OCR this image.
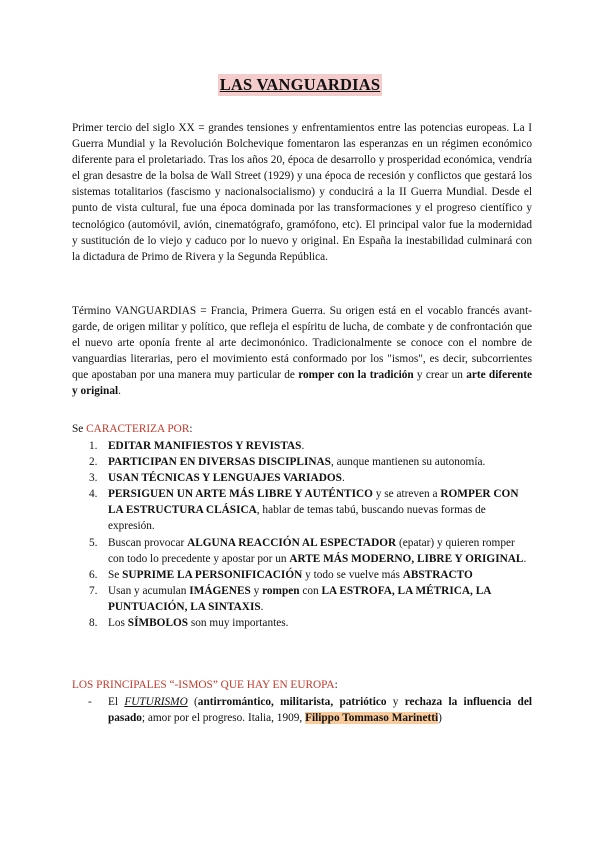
LAS VANGUARDIAS

Primer tercio del siglo XX = grandes tensiones y enfrentamientos entre las potencias europeas. La I Guerra Mundial y la Revolución Bolchevique fomentaron las esperanzas en un régimen económico diferente para el proletariado. Tras los años 20, época de desarrollo y prosperidad económica, vendría el gran desastre de la bolsa de Wall Street (1929) y una época de recesión y conflictos que gestará los sistemas totalitarios (fascismo y nacionalsocialismo) y conducirá a la II Guerra Mundial. Desde el punto de vista cultural, fue una época dominada por las transformaciones y el progreso científico y tecnológico (automóvil, avión, cinematógrafo, gramófono, etc). El principal valor fue la modernidad y sustitución de lo viejo y caduco por lo nuevo y original. En España la inestabilidad culminará con la dictadura de Primo de Rivera y la Segunda República.

Término VANGUARDIAS = Francia, Primera Guerra. Su origen está en el vocablo francés avant-garde, de origen militar y político, que refleja el espíritu de lucha, de combate y de confrontación que el nuevo arte oponía frente al arte decimonónico. Tradicionalmente se conoce con el nombre de vanguardias literarias, pero el movimiento está conformado por los "ismos", es decir, subcorrientes que apostaban por una manera muy particular de romper con la tradición y crear un arte diferente y original.

Se CARACTERIZA POR:

1. EDITAR MANIFIESTOS Y REVISTAS.
2. PARTICIPAN EN DIVERSAS DISCIPLINAS, aunque mantienen su autonomía.
3. USAN TÉCNICAS Y LENGUAJES VARIADOS.
4. PERSIGUEN UN ARTE MÁS LIBRE Y AUTÉNTICO y se atreven a ROMPER CON LA ESTRUCTURA CLÁSICA, hablar de temas tabú, buscando nuevas formas de expresión.
5. Buscan provocar ALGUNA REACCIÓN AL ESPECTADOR (epatar) y quieren romper con todo lo precedente y apostar por un ARTE MÁS MODERNO, LIBRE Y ORIGINAL.
6. Se SUPRIME LA PERSONIFICACIÓN y todo se vuelve más ABSTRACTO
7. Usan y acumulan IMÁGENES y rompen con LA ESTROFA, LA MÉTRICA, LA PUNTUACIÓN, LA SINTAXIS.
8. Los SÍMBOLOS son muy importantes.

LOS PRINCIPALES “-ISMOS” QUE HAY EN EUROPA:

- El FUTURISMO (antirromántico, militarista, patriótico y rechaza la influencia del pasado; amor por el progreso. Italia, 1909, Filippo Tommaso Marinetti)
